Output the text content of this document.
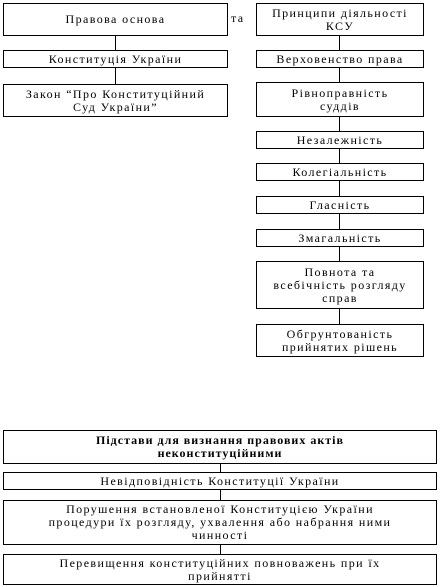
Правова основа	та
Конституція України
Закон “Про Конституційний
Суд України”
Принципи діяльності
КСУ
Верховенство права
Рівноправність
суддів
Незалежність
Колегіальність
Гласність
Змагальність
Повнота та
всебічність розгляду
справ
Обгрунтованість
прийнятих рішень
Підстави для визнання правових актів
неконституційними
Невідповідність Конституції України
Порушення встановленої Конституцією України
процедури їх розгляду, ухвалення або набрання ними
чинності
Перевищення конституційних повноважень при їх
прийнятті
